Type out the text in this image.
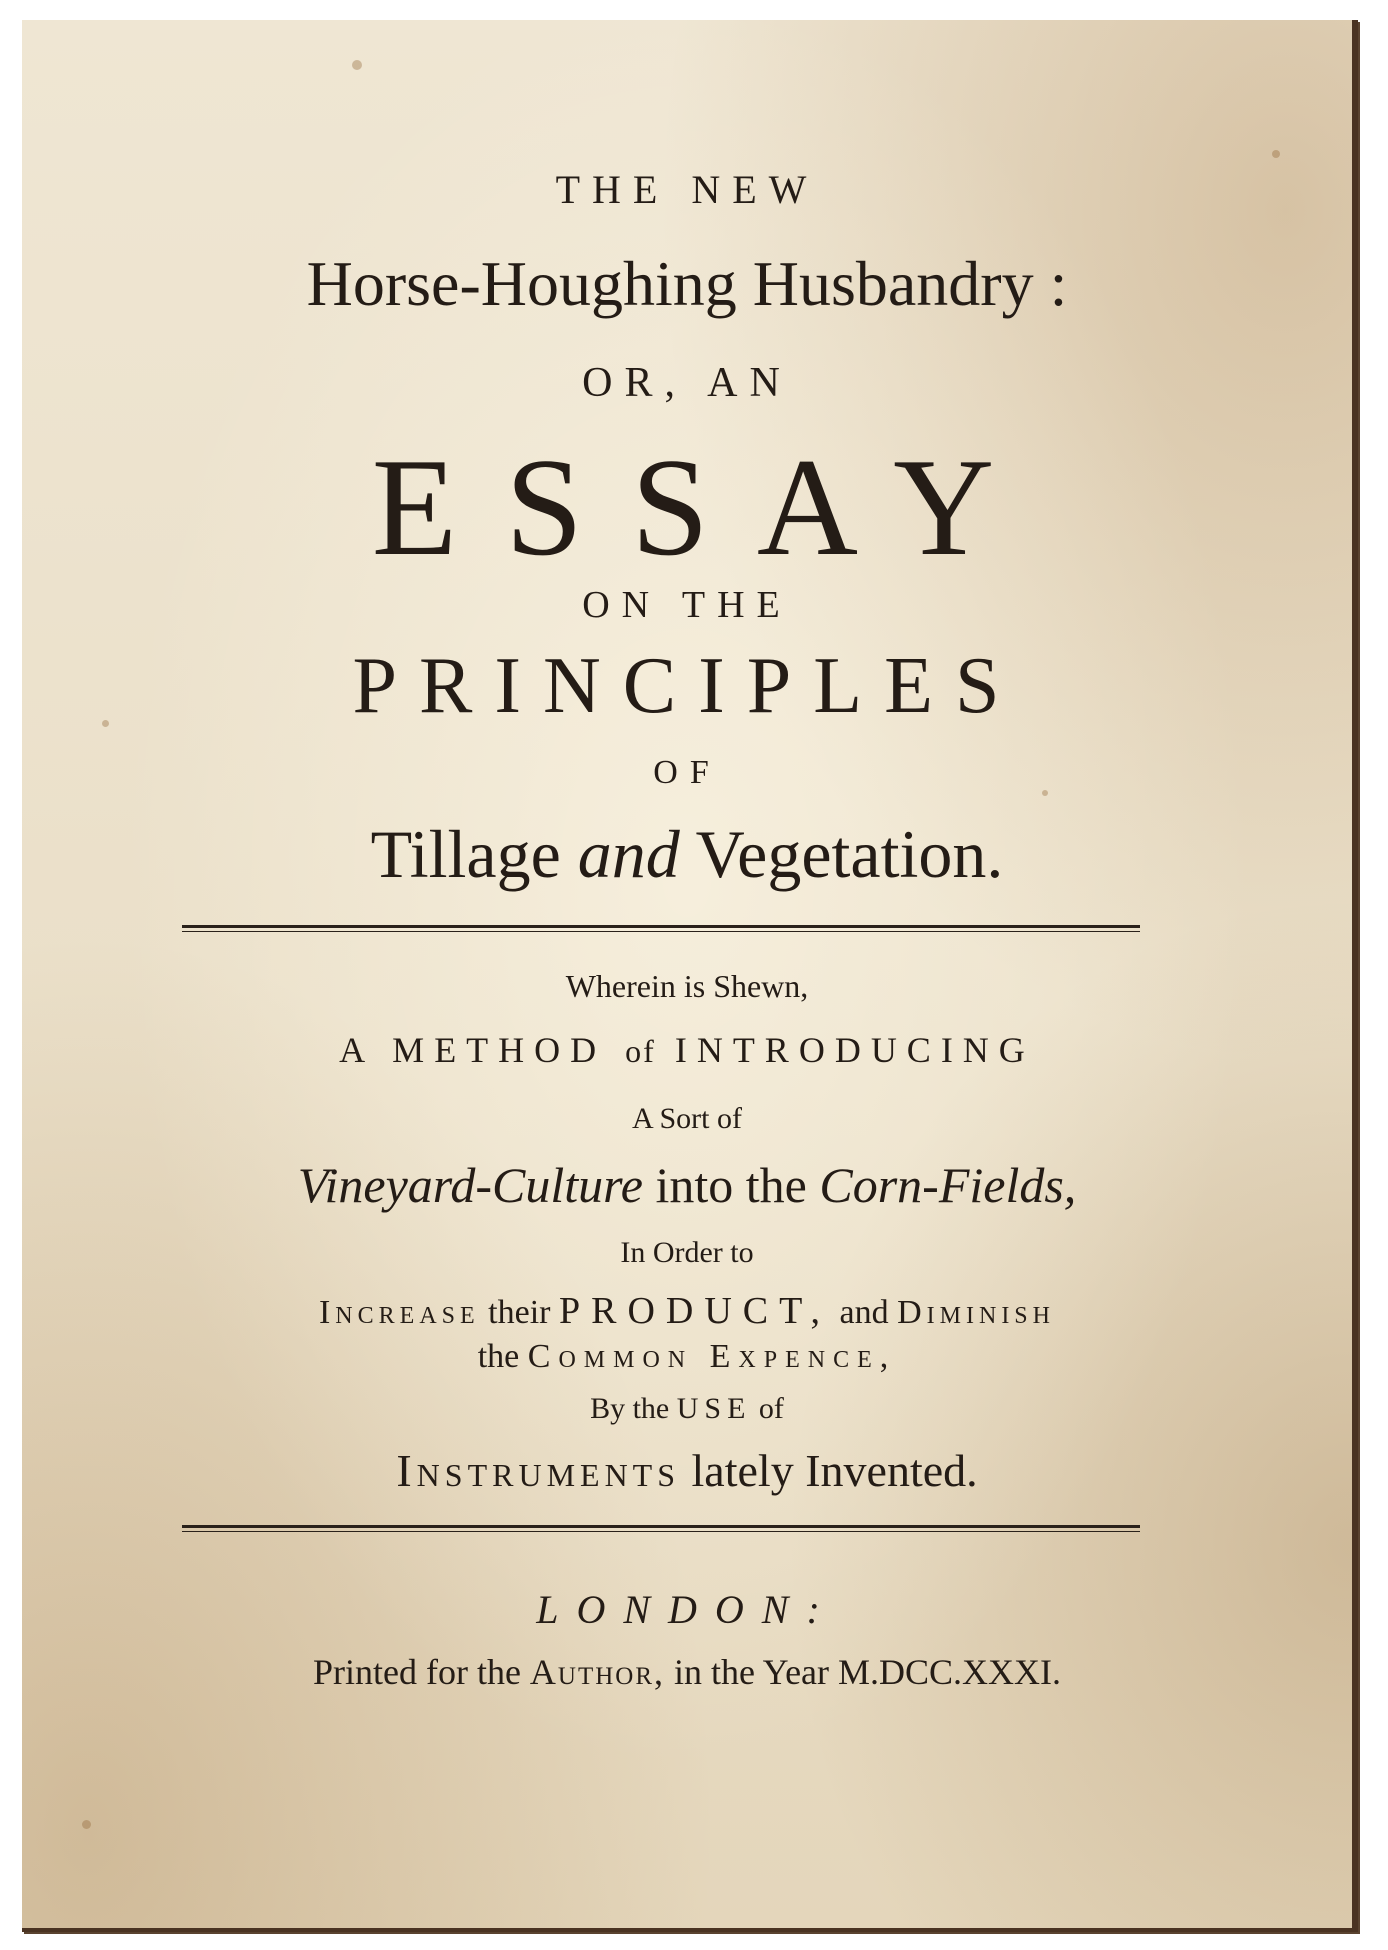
THE NEW
Horse-Houghing Husbandry :
OR, AN
ESSAY
ON THE
PRINCIPLES
OF
Tillage and Vegetation.
Wherein is Shewn,
A METHOD of INTRODUCING
A Sort of
Vineyard-Culture into the Corn-Fields,
In Order to
Increase their PRODUCT, and Diminish
the Common Expence,
By the USE of
Instruments lately Invented.
LONDON:
Printed for the Author, in the Year M.DCC.XXXI.
